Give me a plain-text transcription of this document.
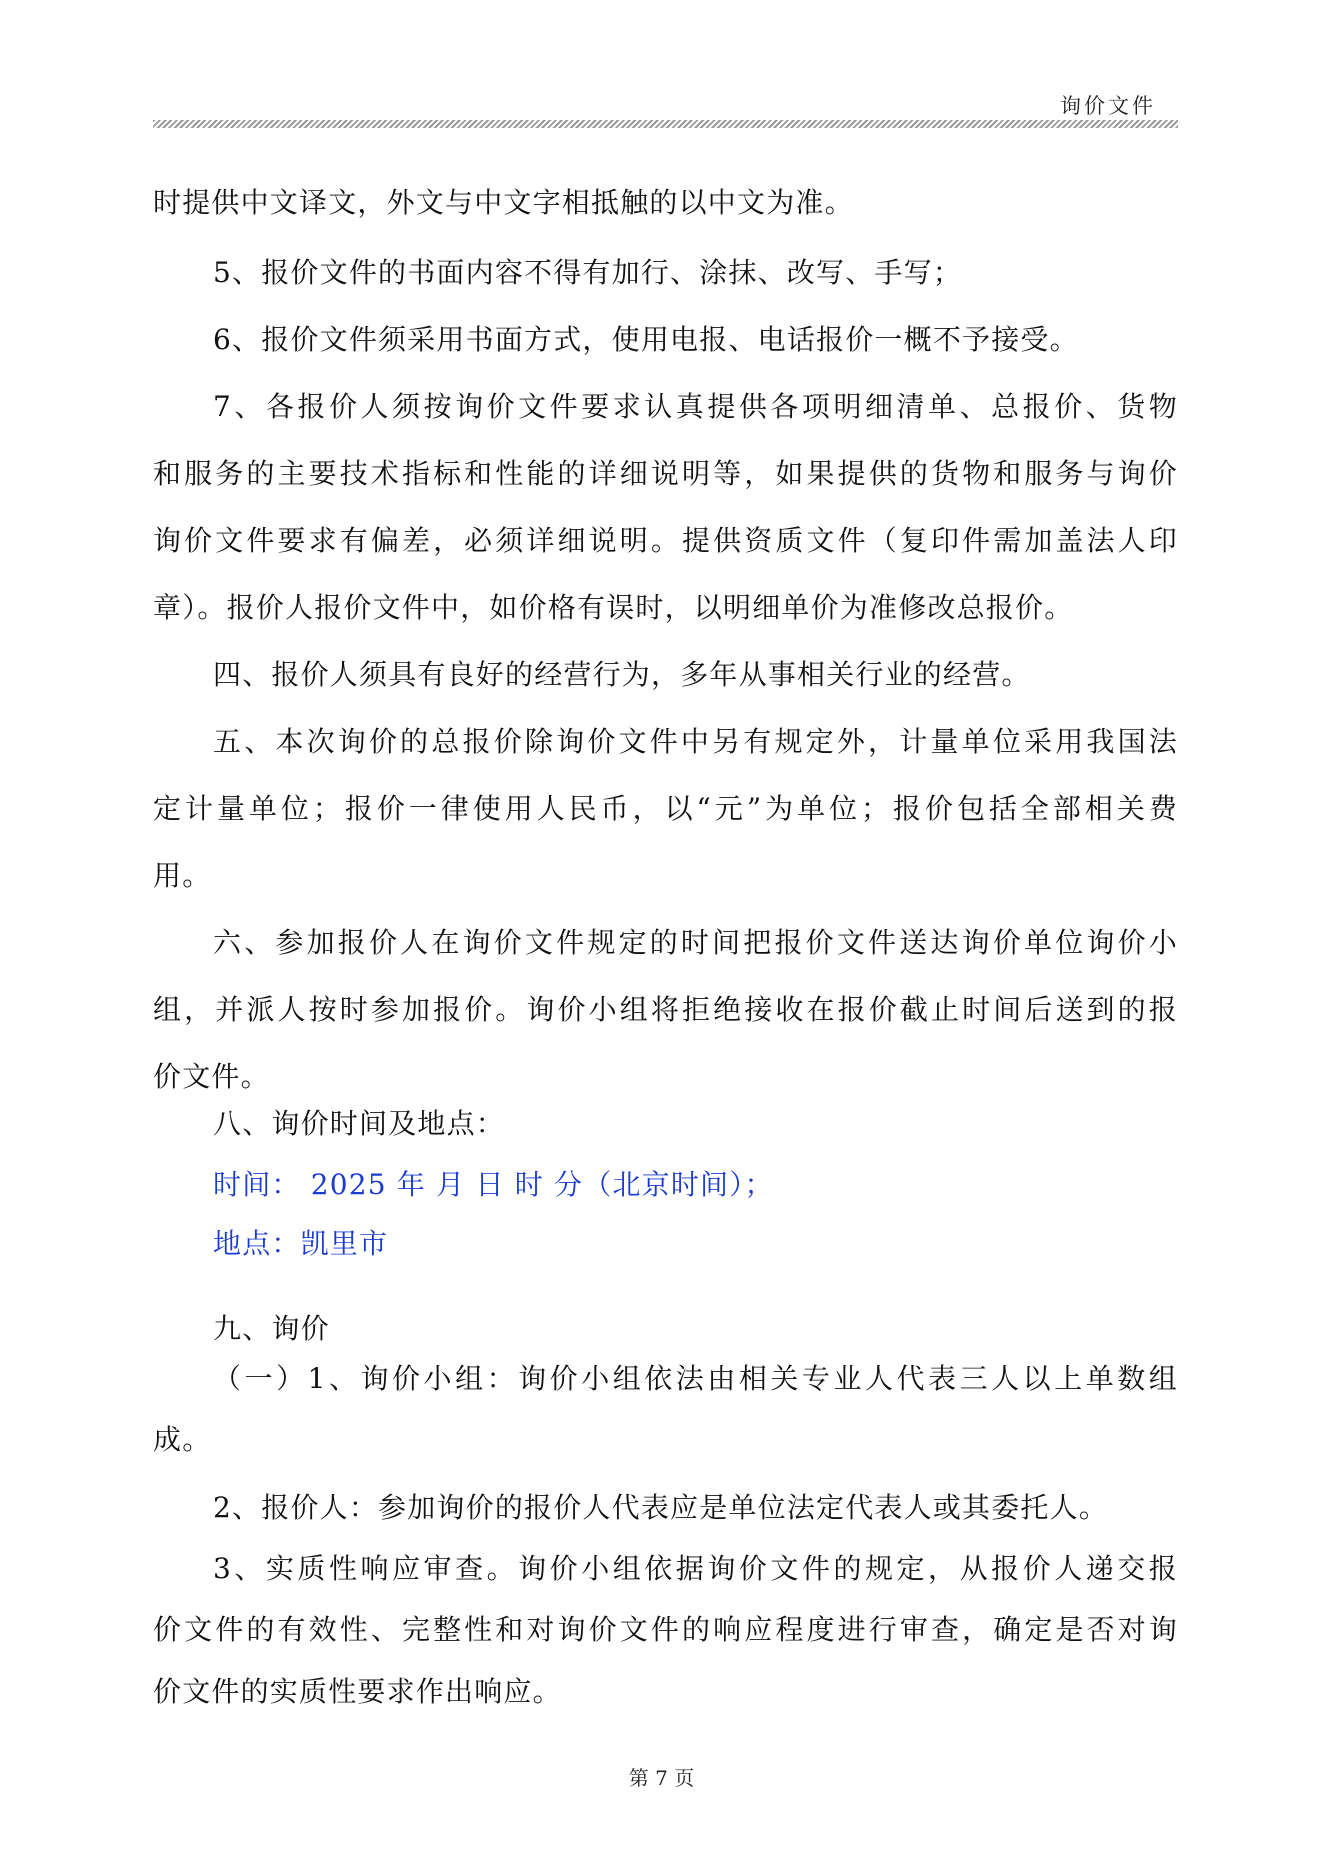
询价文件
时提供中文译文，外文与中文字相抵触的以中文为准。
5、报价文件的书面内容不得有加行、涂抹、改写、手写；
6、报价文件须采用书面方式，使用电报、电话报价一概不予接受。
7、各报价人须按询价文件要求认真提供各项明细清单、总报价、货物
和服务的主要技术指标和性能的详细说明等，如果提供的货物和服务与询价
询价文件要求有偏差，必须详细说明。提供资质文件（复印件需加盖法人印
章）。报价人报价文件中，如价格有误时，以明细单价为准修改总报价。
四、报价人须具有良好的经营行为，多年从事相关行业的经营。
五、本次询价的总报价除询价文件中另有规定外，计量单位采用我国法
定计量单位；报价一律使用人民币，以“元”为单位；报价包括全部相关费
用。
六、参加报价人在询价文件规定的时间把报价文件送达询价单位询价小
组，并派人按时参加报价。询价小组将拒绝接收在报价截止时间后送到的报
价文件。
八、询价时间及地点：
时间： 2025 年 月 日 时 分（北京时间）；
地点：凯里市
九、询价
（一）1、询价小组：询价小组依法由相关专业人代表三人以上单数组
成。
2、报价人：参加询价的报价人代表应是单位法定代表人或其委托人。
3、实质性响应审查。询价小组依据询价文件的规定，从报价人递交报
价文件的有效性、完整性和对询价文件的响应程度进行审查，确定是否对询
价文件的实质性要求作出响应。
第 7 页
